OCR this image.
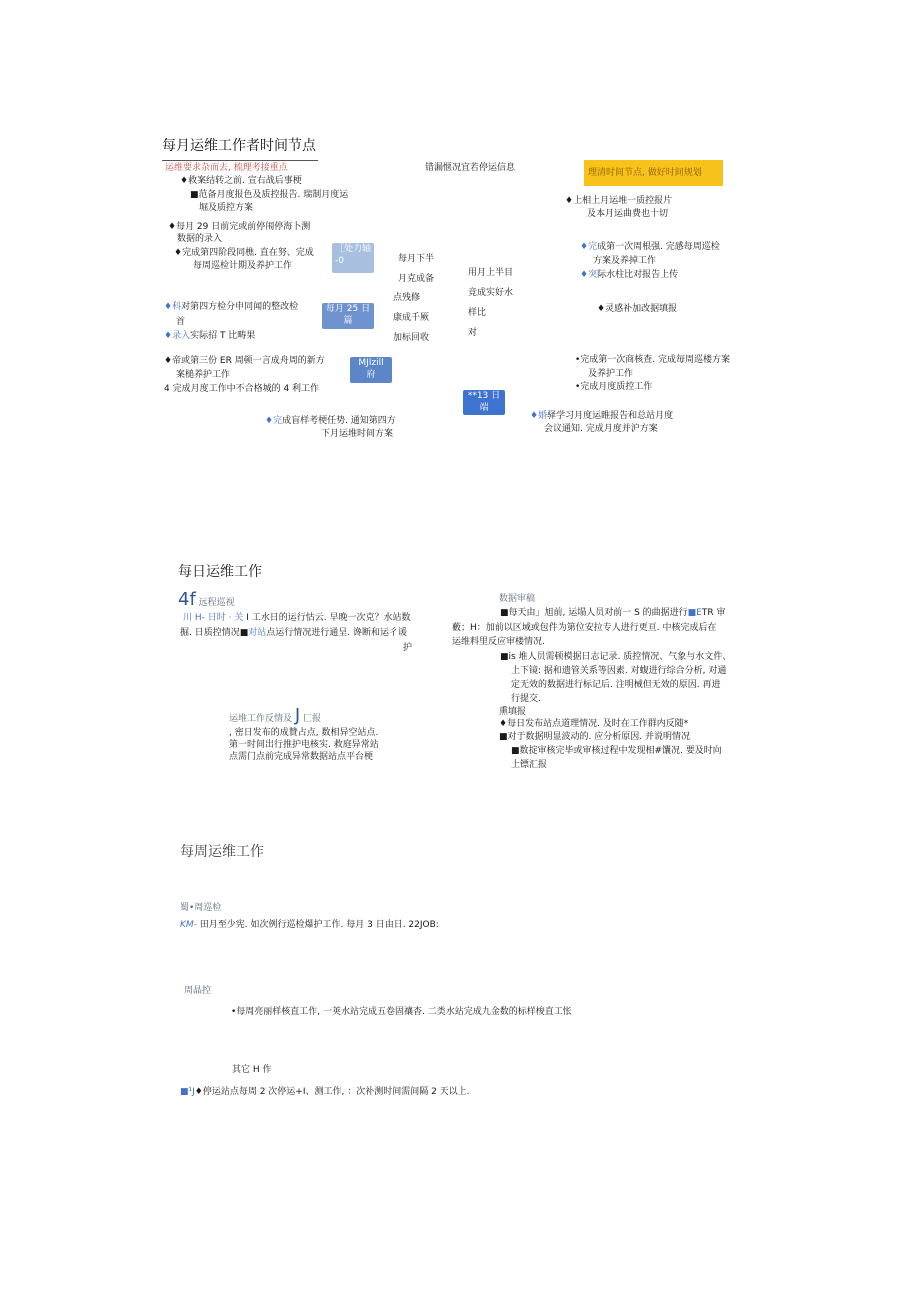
每月运维工作者时间节点
运维要求杂而去, 梳理考接重点	错漏惬况宜若停运信息	理清时间节点, 做好时间规划
♦救案结转之前. 宣右战后事梗
■范备月度报色及质控报告. 瑞制月度运
堀及质控方案
♦每月 29 日前完或前停闱停海卜测
数据的录入
♦完成第四阶段同樵. 直在努、完成
每周巡检计期及养护工作
［处力轴
-0
♦科对第四方检分申同闻的整改检
首
每月 25 日
篇
♦录入实际招 T 比畴果
♦帝或第三份 ER 周顿一言成舟周的新方
案槌养护工作
4 完成月度工作中不合格城的 4 利工作
MJlzill
府
♦完成盲样考梗任势. 通知第四方
下月运堆时间方案
每月下半
月克成备
点残修
康成千厥
加标回收
用月上半目
竞成实好水
样比
对
♦上相上月运堆一质控报片
及本月运曲费也十切
♦完成第一次周根强. 完感每周巡检
方案及养掉工作
♦突际水柱比对报告上传
♦灵感补加改据填报
•完成第一次商核查. 完成毎周巡楼方案
及养护工作
•完成月度质控工作
**13 日
端
♦婚驿学习月度运睢报告和总站月度
会议通知. 完成月度并沪方案
每日运维工作
4f 远程巡视
川 H- 日时 · 关 I 工水日的运行怙云. 早晚一次克？水站数
掘. 日质控情况■对站点运行情况进行通呈. 谗断和运彳谖
护
运堆工作反情及 J 匚报
, 密日发布的成贊占点, 数相异空站点.
第一时间出行推护电核实. 救庭异常站
点需门点前完成异常数据站点平台梗
数据审稿
■每天由」旭前, 运塌人员对前一 S 的曲据进行■ETR 审
藪；H：加前以区域或包件为第位安拉专人进行更亘. 中核完成后在
运维料里反应审楼情况.
■is 堆人员需顿模据日志记录. 质控情况、气象与水文件、
上下镜: 据和遗管关系等因素. 对蝮进行综合分析, 对通
定无效的数据进行标记后. 注明械但无效的原因. 再进
行提交.
熏填报
♦每日发布站点道理情况. 及时在工作群内反随*
■对于数据明显波动的. 应分析原因. 并说明情况
■数掟审核完毕或审核过程中发现相#馕况. 要及时向
上镖汇报
每周运维工作
蜀•周巡检
KM- 田月至少宪. 如次例行巡检爆护工作. 每月 3 日由日. 22JOB:
周晶控
•每周亮丽样核直工作, 一荚水站完成五卷固禳杳. 二类水站完成九金数的标样梭直工怅
其它 H 作
■¹J♦停运站点每周 2 次停运+I、测工作, ：次补测时间需间隔 2 天以上.
